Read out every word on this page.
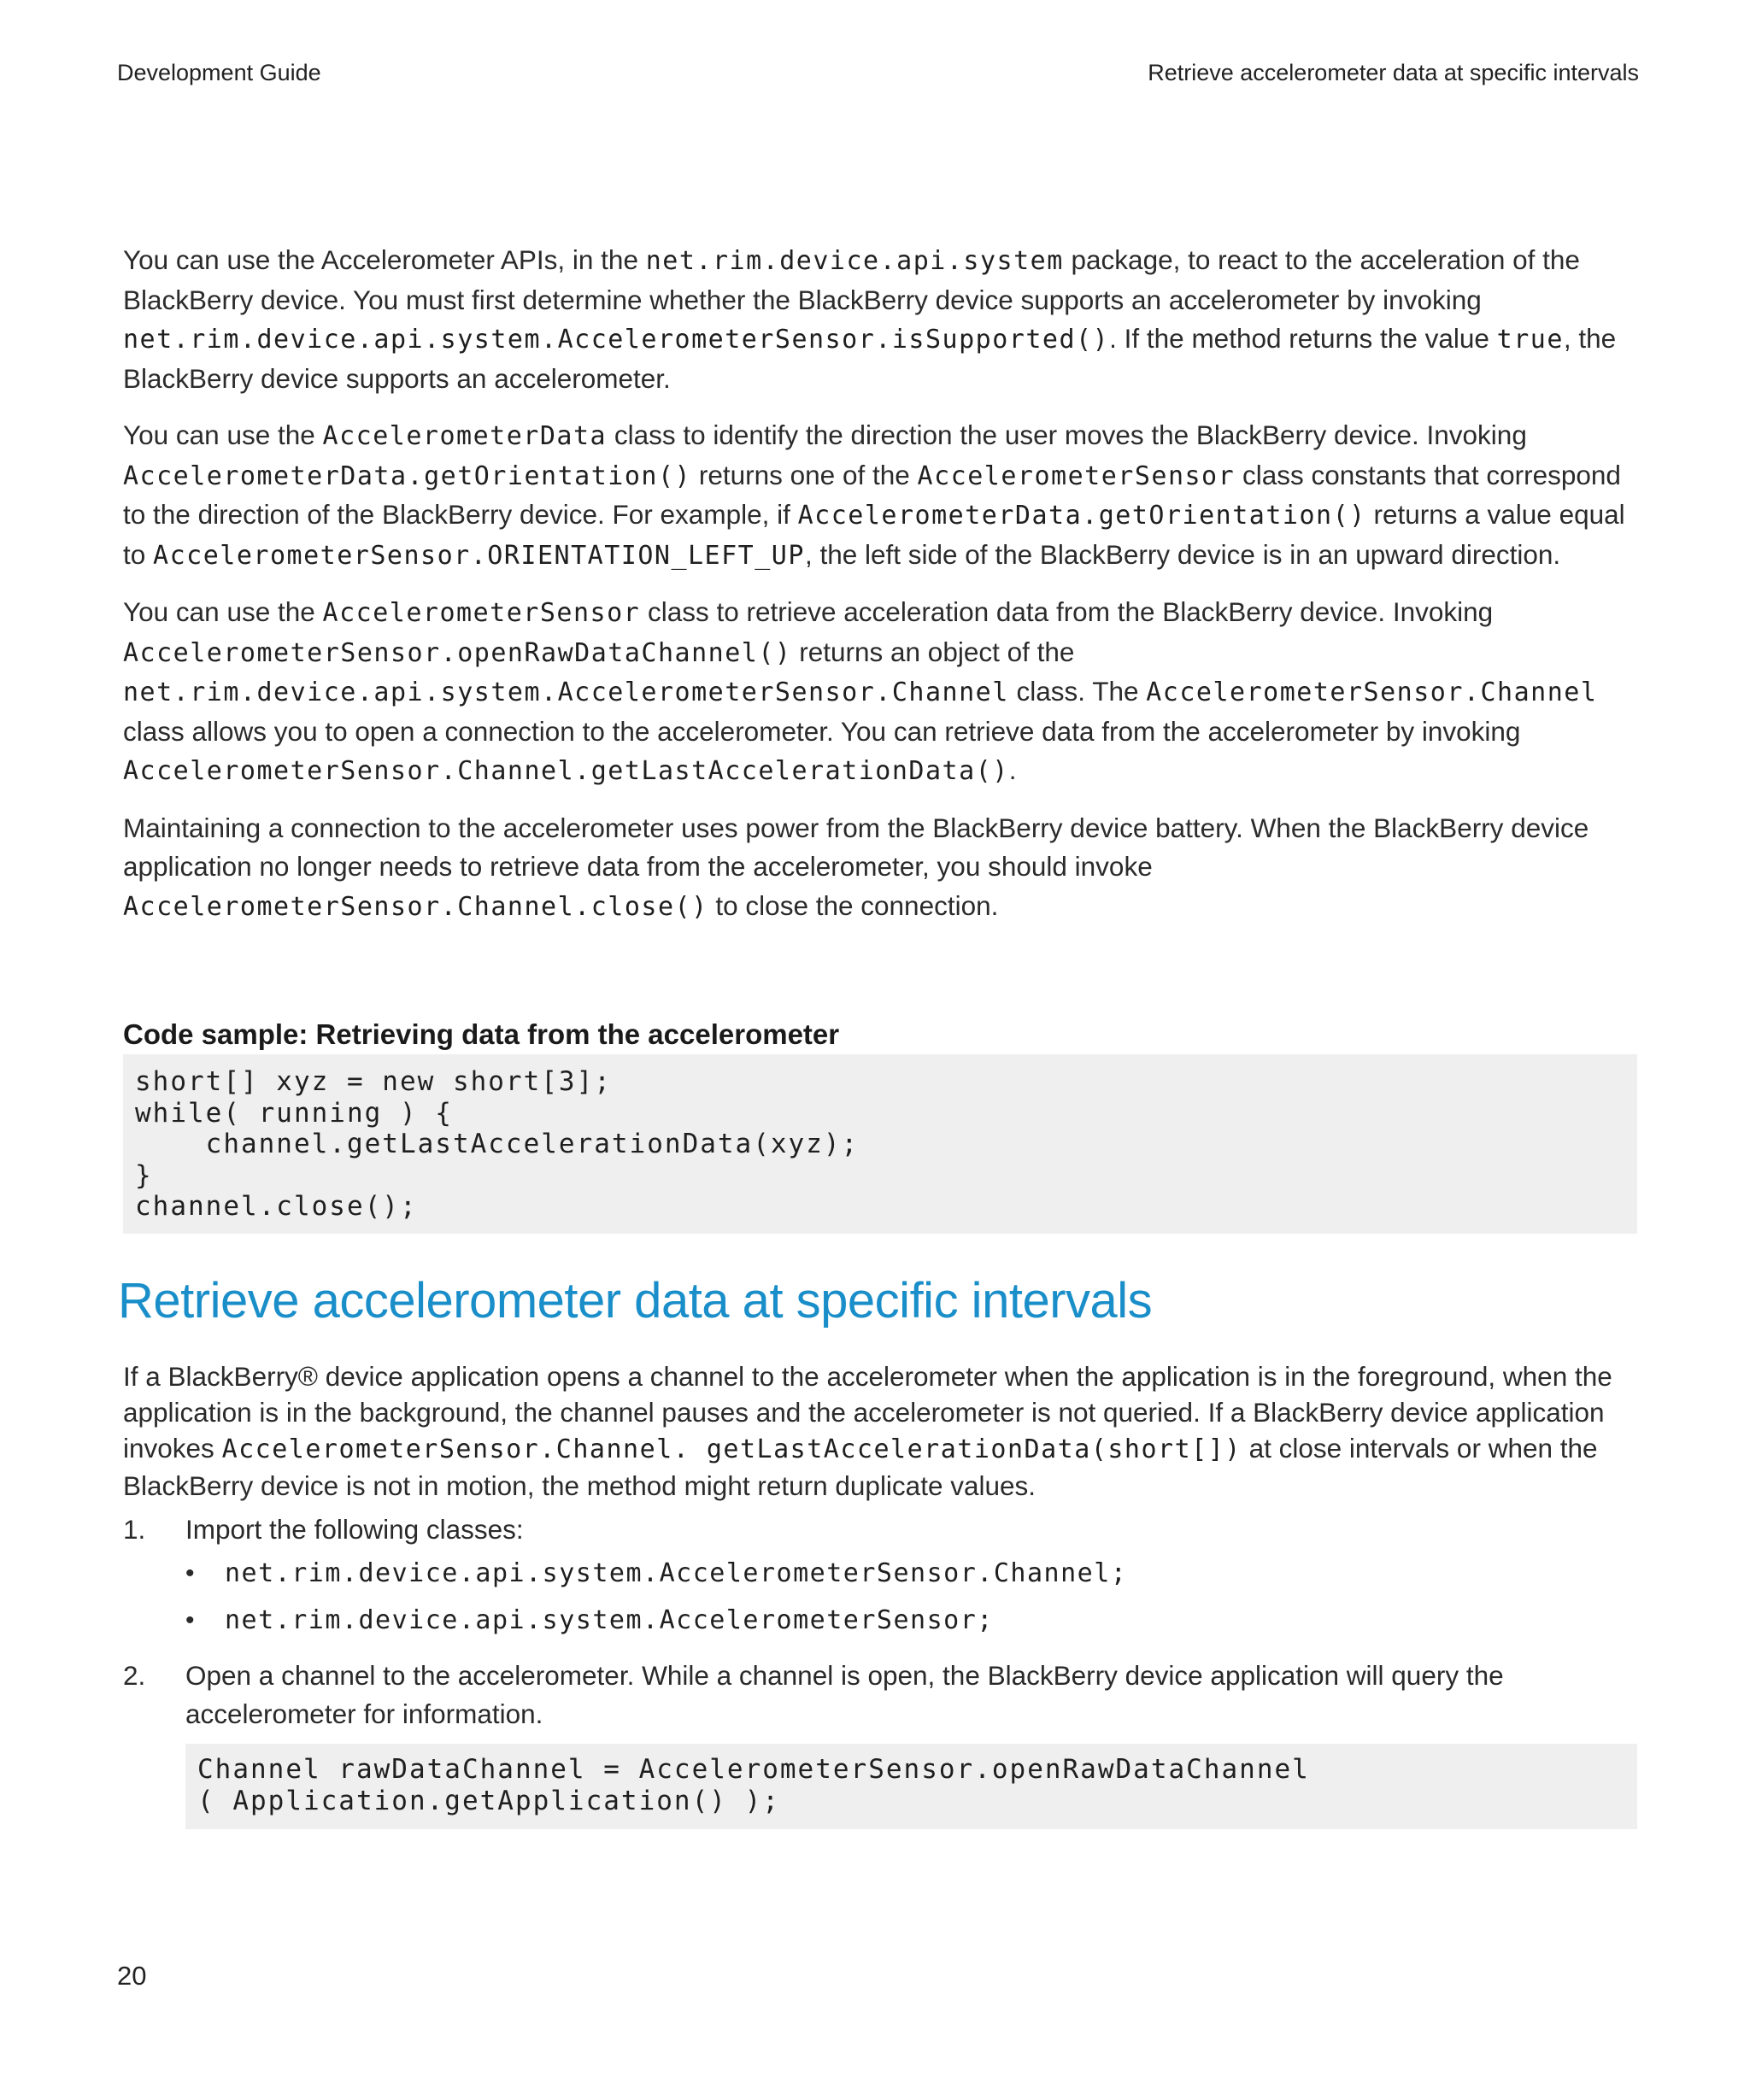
Development Guide	Retrieve accelerometer data at specific intervals

You can use the Accelerometer APIs, in the net.rim.device.api.system package, to react to the acceleration of the BlackBerry device. You must first determine whether the BlackBerry device supports an accelerometer by invoking net.rim.device.api.system.AccelerometerSensor.isSupported(). If the method returns the value true, the BlackBerry device supports an accelerometer.

You can use the AccelerometerData class to identify the direction the user moves the BlackBerry device. Invoking AccelerometerData.getOrientation() returns one of the AccelerometerSensor class constants that correspond to the direction of the BlackBerry device. For example, if AccelerometerData.getOrientation() returns a value equal to AccelerometerSensor.ORIENTATION_LEFT_UP, the left side of the BlackBerry device is in an upward direction.

You can use the AccelerometerSensor class to retrieve acceleration data from the BlackBerry device. Invoking AccelerometerSensor.openRawDataChannel() returns an object of the net.rim.device.api.system.AccelerometerSensor.Channel class. The AccelerometerSensor.Channel class allows you to open a connection to the accelerometer. You can retrieve data from the accelerometer by invoking AccelerometerSensor.Channel.getLastAccelerationData().

Maintaining a connection to the accelerometer uses power from the BlackBerry device battery. When the BlackBerry device application no longer needs to retrieve data from the accelerometer, you should invoke AccelerometerSensor.Channel.close() to close the connection.

Code sample: Retrieving data from the accelerometer
short[] xyz = new short[3];
while( running ) {
channel.getLastAccelerationData(xyz);
}
channel.close();
Retrieve accelerometer data at specific intervals

If a BlackBerry® device application opens a channel to the accelerometer when the application is in the foreground, when the application is in the background, the channel pauses and the accelerometer is not queried. If a BlackBerry device application invokes AccelerometerSensor.Channel. getLastAccelerationData(short[]) at close intervals or when the BlackBerry device is not in motion, the method might return duplicate values.

1. Import the following classes:
• net.rim.device.api.system.AccelerometerSensor.Channel;
• net.rim.device.api.system.AccelerometerSensor;
2. Open a channel to the accelerometer. While a channel is open, the BlackBerry device application will query the accelerometer for information.
Channel rawDataChannel = AccelerometerSensor.openRawDataChannel
( Application.getApplication() );
20
